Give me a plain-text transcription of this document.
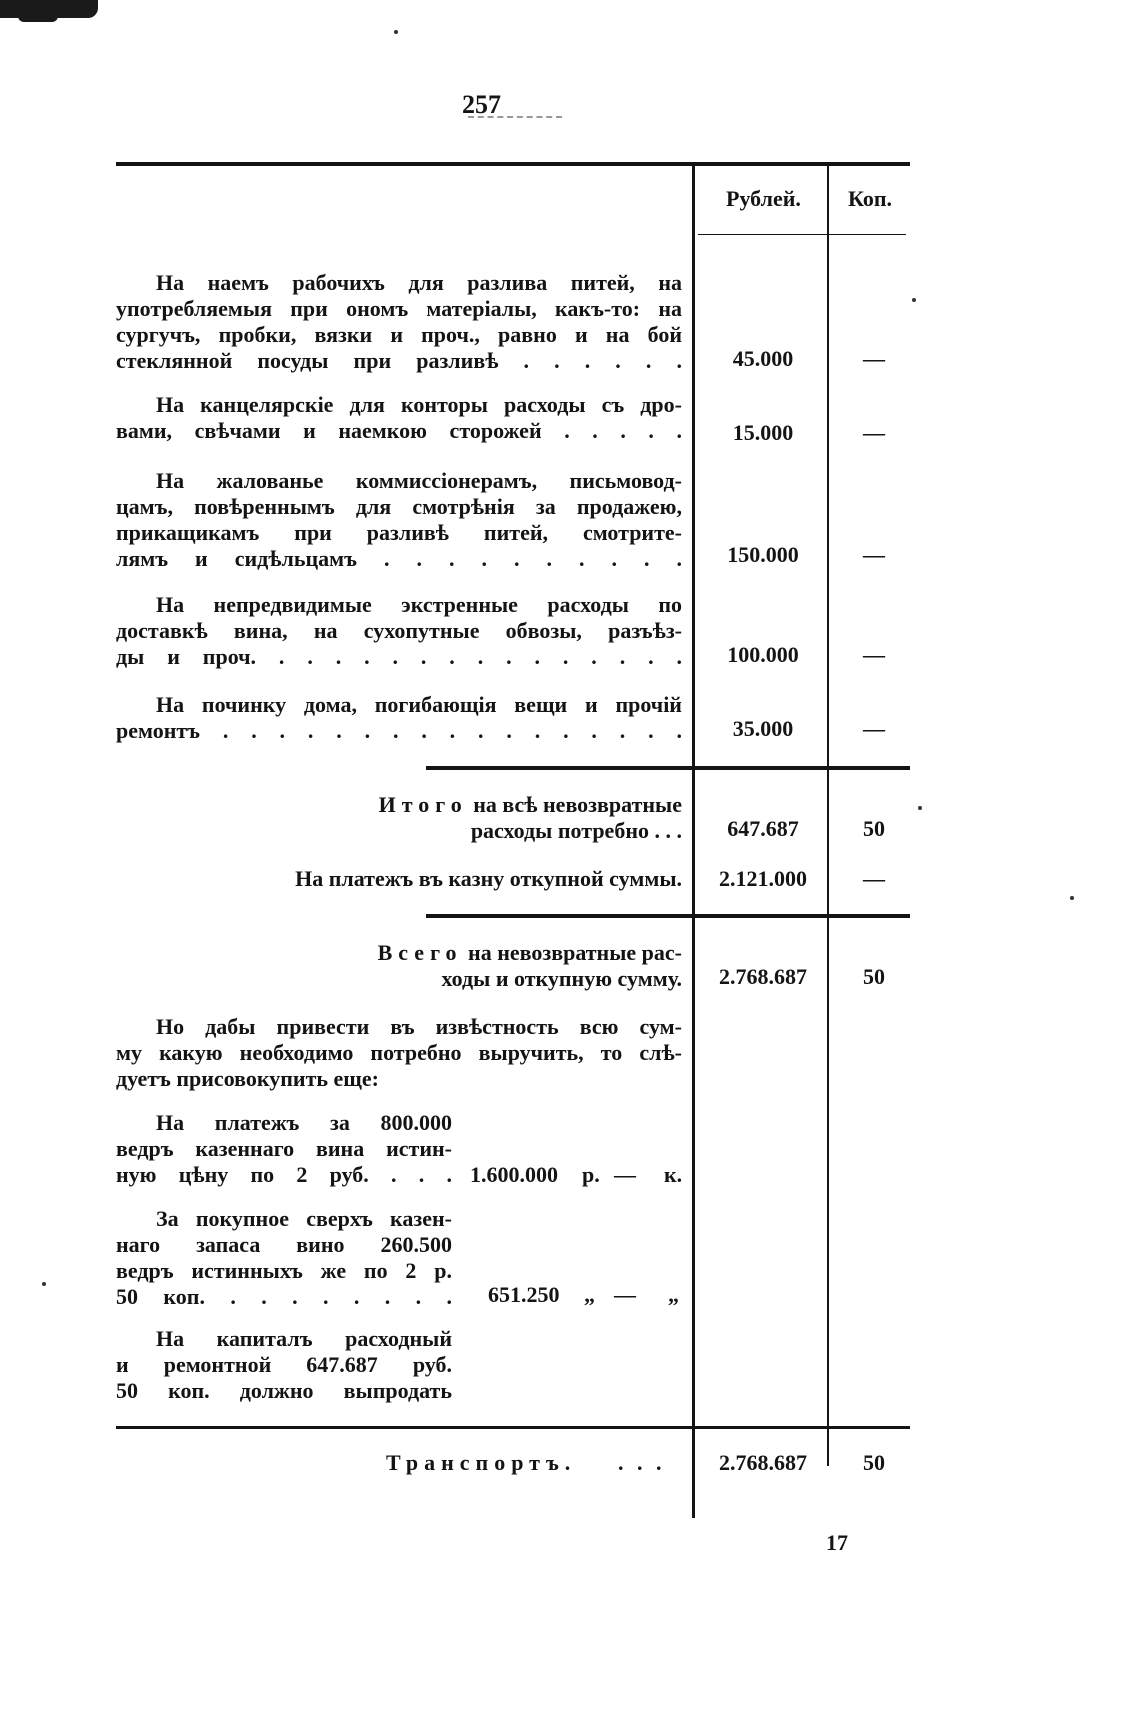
257
Рублей. Коп.

На наемъ рабочихъ для разлива питей, на

употребляемыя при ономъ матеріалы, какъ-то: на

сургучъ, пробки, вязки и проч., равно и на бой

стеклянной посуды при разливѣ . . . . . .	45.000	—

На канцелярскіе для конторы расходы съ дро-

вами, свѣчами и наемкою сторожей . . . . .	15.000	—

На жалованье коммиссіонерамъ, письмовод-

цамъ, повѣреннымъ для смотрѣнія за продажею,

прикащикамъ при разливѣ питей, смотрите-

лямъ и сидѣльцамъ . . . . . . . . . .	150.000	—

На непредвидимые экстренные расходы по

доставкѣ вина, на сухопутные обвозы, разъѣз-

ды и проч. . . . . . . . . . . . . . . .	100.000	—

На починку дома, погибающія вещи и прочій

ремонтъ . . . . . . . . . . . . . . . . .	35.000	—
Итого на всѣ невозвратные
расходы потребно . . .	647.687	50
На платежъ въ казну откупной суммы.	2.121.000	—
Всего на невозвратные рас-
ходы и откупную сумму.	2.768.687	50

Но дабы привести въ извѣстность всю сум-

му какую необходимо потребно выручить, то слѣ-

дуетъ присовокупить еще:

На платежъ за 800.000

ведръ казеннаго вина истин-

ную цѣну по 2 руб. . . . 1.600.000 р. — к.

За покупное сверхъ казен-

наго запаса вино 260.500

ведръ истинныхъ же по 2 р.

50 коп. . . . . . . . . 651.250 „ — „

На капиталъ расходный

и ремонтной 647.687 руб.

50 коп. должно выпродать

Транспортъ. . . .	2.768.687	50
17
